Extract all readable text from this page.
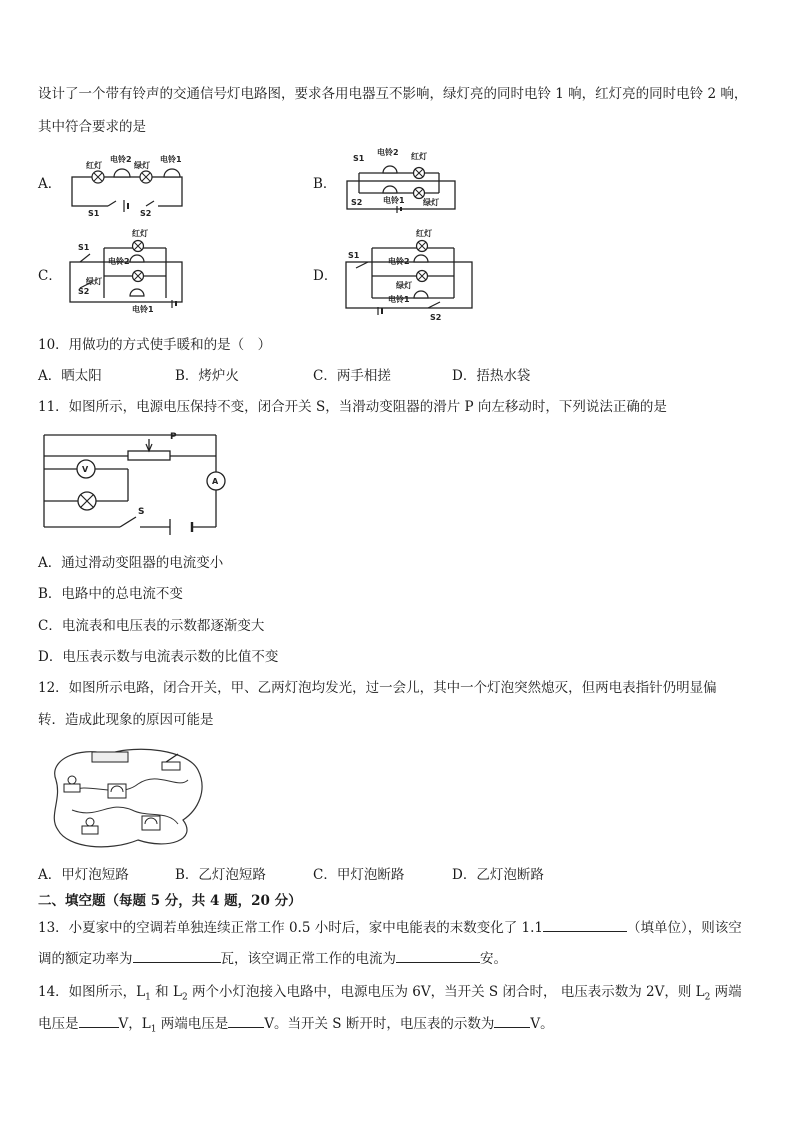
设计了一个带有铃声的交通信号灯电路图，要求各用电器互不影响，绿灯亮的同时电铃 1 响，红灯亮的同时电铃 2 响，
其中符合要求的是
A．
红灯
电铃2
绿灯
电铃1
S1	S2
B．
S1
电铃2 红灯
S2	电铃1 绿灯
C．
S1
红灯
电铃2
绿灯
S2
电铃1
D．
S1
红灯
电铃2
绿灯
电铃1
S2
10．用做功的方式使手暖和的是（　）
A．晒太阳	B．烤炉火	C．两手相搓	D．捂热水袋
11．如图所示，电源电压保持不变，闭合开关 S，当滑动变阻器的滑片 P 向左移动时，下列说法正确的是
P
V
A
S
A．通过滑动变阻器的电流变小
B．电路中的总电流不变
C．电流表和电压表的示数都逐渐变大
D．电压表示数与电流表示数的比值不变
12．如图所示电路，闭合开关，甲、乙两灯泡均发光，过一会儿，其中一个灯泡突然熄灭，但两电表指针仍明显偏
转．造成此现象的原因可能是
A．甲灯泡短路	B．乙灯泡短路	C．甲灯泡断路	D．乙灯泡断路
二、填空题（每题 5 分，共 4 题，20 分）
13．小夏家中的空调若单独连续正常工作 0.5 小时后，家中电能表的末数变化了 1.1	（填单位），则该空
调的额定功率为	瓦，该空调正常工作的电流为	安。
14．如图所示，$L_1$ 和 $L_2$ 两个小灯泡接入电路中，电源电压为 6V，当开关 S 闭合时， 电压表示数为 2V，则 $L_2$ 两端
电压是	V，$L_1$ 两端电压是	V。当开关 S 断开时，电压表的示数为	V。
